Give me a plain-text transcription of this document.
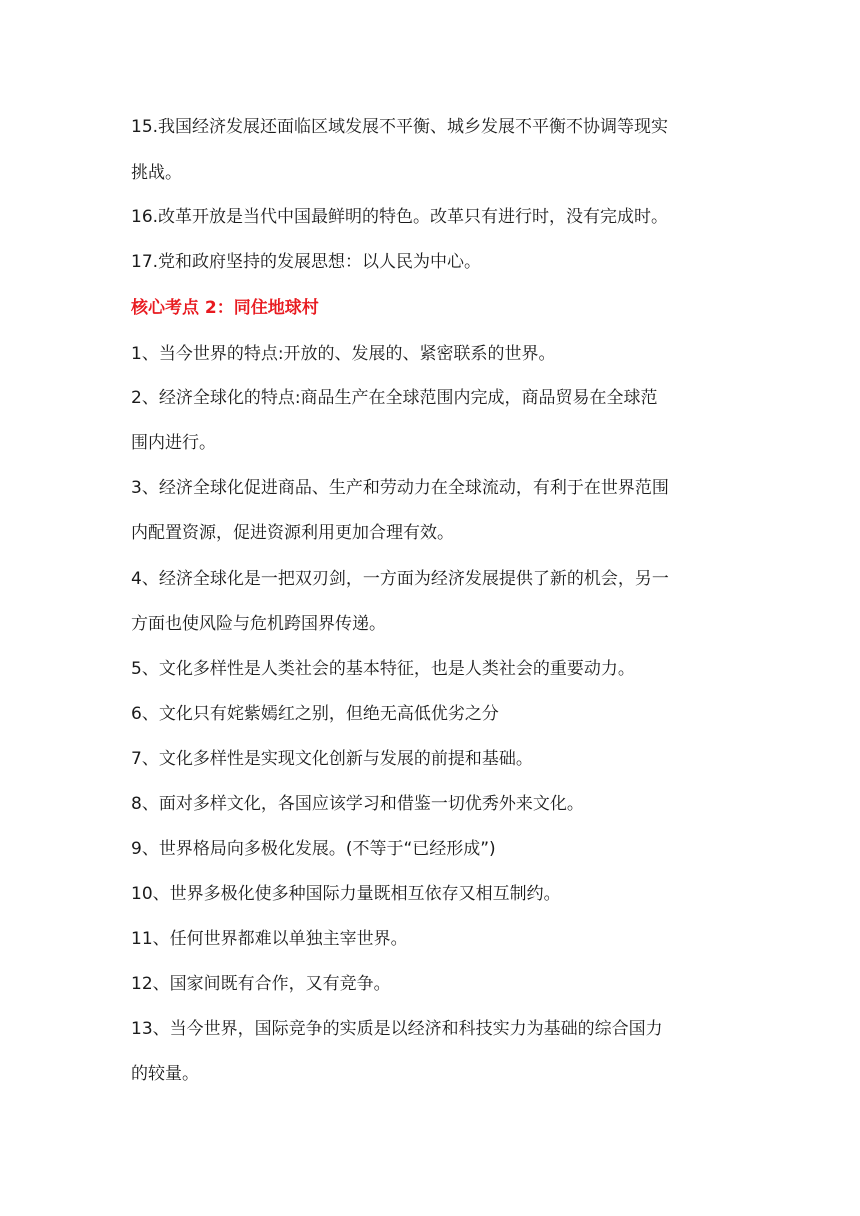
15.我国经济发展还面临区域发展不平衡、城乡发展不平衡不协调等现实
挑战。
16.改革开放是当代中国最鲜明的特色。改革只有进行时，没有完成时。
17.党和政府坚持的发展思想：以人民为中心。
核心考点 2：同住地球村
1、当今世界的特点:开放的、发展的、紧密联系的世界。
2、经济全球化的特点:商品生产在全球范围内完成，商品贸易在全球范
围内进行。
3、经济全球化促进商品、生产和劳动力在全球流动，有利于在世界范围
内配置资源，促进资源利用更加合理有效。
4、经济全球化是一把双刃剑，一方面为经济发展提供了新的机会，另一
方面也使风险与危机跨国界传递。
5、文化多样性是人类社会的基本特征，也是人类社会的重要动力。
6、文化只有姹紫嫣红之别，但绝无高低优劣之分
7、文化多样性是实现文化创新与发展的前提和基础。
8、面对多样文化，各国应该学习和借鉴一切优秀外来文化。
9、世界格局向多极化发展。(不等于“已经形成”)
10、世界多极化使多种国际力量既相互依存又相互制约。
11、任何世界都难以单独主宰世界。
12、国家间既有合作，又有竞争。
13、当今世界，国际竞争的实质是以经济和科技实力为基础的综合国力
的较量。
